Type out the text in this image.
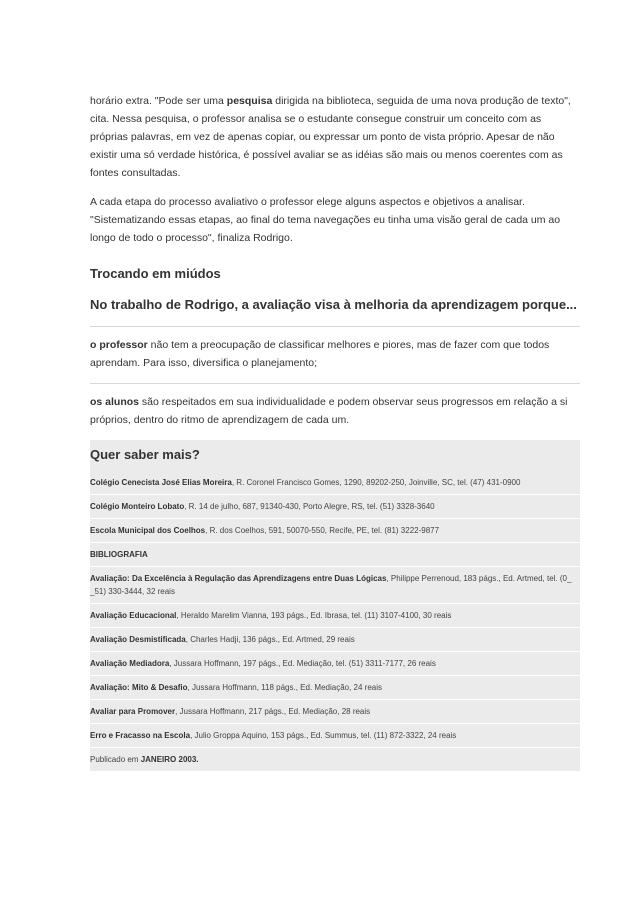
horário extra. "Pode ser uma pesquisa dirigida na biblioteca, seguida de uma nova produção de texto", cita. Nessa pesquisa, o professor analisa se o estudante consegue construir um conceito com as próprias palavras, em vez de apenas copiar, ou expressar um ponto de vista próprio. Apesar de não existir uma só verdade histórica, é possível avaliar se as idéias são mais ou menos coerentes com as fontes consultadas.

A cada etapa do processo avaliativo o professor elege alguns aspectos e objetivos a analisar. "Sistematizando essas etapas, ao final do tema navegações eu tinha uma visão geral de cada um ao longo de todo o processo", finaliza Rodrigo.

Trocando em miúdos
No trabalho de Rodrigo, a avaliação visa à melhoria da aprendizagem porque...

o professor não tem a preocupação de classificar melhores e piores, mas de fazer com que todos aprendam. Para isso, diversifica o planejamento;

os alunos são respeitados em sua individualidade e podem observar seus progressos em relação a si próprios, dentro do ritmo de aprendizagem de cada um.

Quer saber mais?
Colégio Cenecista José Elias Moreira, R. Coronel Francisco Gomes, 1290, 89202-250, Joinville, SC, tel. (47) 431-0900
Colégio Monteiro Lobato, R. 14 de julho, 687, 91340-430, Porto Alegre, RS, tel. (51) 3328-3640
Escola Municipal dos Coelhos, R. dos Coelhos, 591, 50070-550, Recife, PE, tel. (81) 3222-9877
BIBLIOGRAFIA
Avaliação: Da Excelência à Regulação das Aprendizagens entre Duas Lógicas, Philippe Perrenoud, 183 págs., Ed. Artmed, tel. (0_ _51) 330-3444, 32 reais
Avaliação Educacional, Heraldo Marelim Vianna, 193 págs., Ed. Ibrasa, tel. (11) 3107-4100, 30 reais
Avaliação Desmistificada, Charles Hadji, 136 págs., Ed. Artmed, 29 reais
Avaliação Mediadora, Jussara Hoffmann, 197 págs., Ed. Mediação, tel. (51) 3311-7177, 26 reais
Avaliação: Mito & Desafio, Jussara Hoffmann, 118 págs., Ed. Mediação, 24 reais
Avaliar para Promover, Jussara Hoffmann, 217 págs., Ed. Mediação, 28 reais
Erro e Fracasso na Escola, Julio Groppa Aquino, 153 págs., Ed. Summus, tel. (11) 872-3322, 24 reais
Publicado em JANEIRO 2003.
